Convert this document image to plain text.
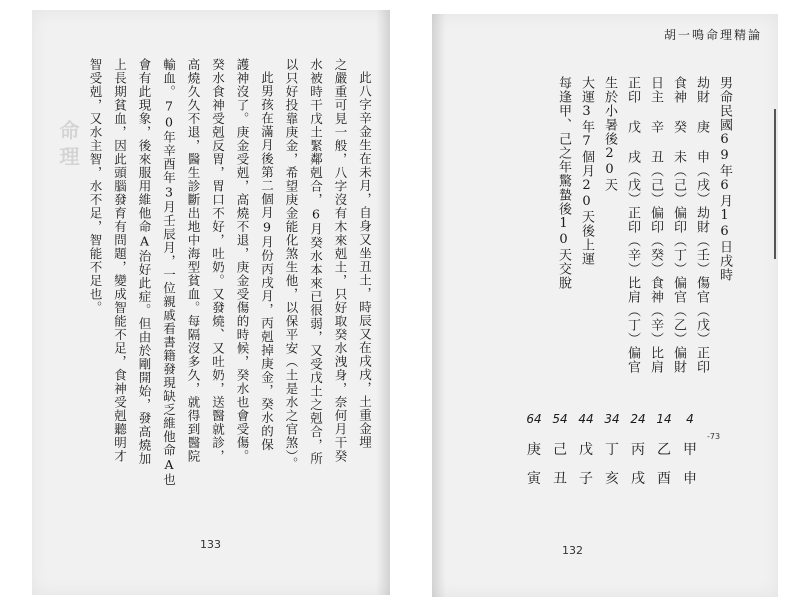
命理	此八字辛金生在未月，自身又坐丑土，時辰又在戌戌，土重金埋
之嚴重可見一般，八字沒有木來剋土，只好取癸水洩身，奈何月干癸
水被時干戊土緊鄰剋合，6月癸水本來已很弱，又受戊土之剋合，所
以只好投靠庚金，希望庚金能化煞生他，以保平安（土是水之官煞）。
此男孩在滿月後第二個月9月份丙戌月，丙剋掉庚金，癸水的保
護神沒了。庚金受剋，高燒不退，庚金受傷的時候，癸水也會受傷。
癸水食神受剋反胃，胃口不好，吐奶。又發燒、又吐奶，送醫就診，
高燒久久不退，醫生診斷出地中海型貧血。每隔沒多久，就得到醫院
輸血。70年辛酉年3月壬辰月，一位親戚看書籍發現缺乏維他命A也
會有此現象，後來服用維他命A治好此症。但由於剛開始，發高燒加
上長期貧血，因此頭腦發育有問題，變成智能不足，食神受剋聽明才
智受剋，又水主智，水不足，智能不足也。
133
胡一鳴命理精論
男命民國69年6月16日戌時
劫財 庚 申（戌）劫財（壬）傷官（戊）正印
食神 癸 未（己）偏印（丁）偏官（乙）偏財
日主 辛 丑（己）偏印（癸）食神（辛）比肩
正印 戊 戌（戊）正印（辛）比肩（丁）偏官
生於小暑後20天
大運3年7個月20天後上運
每逢甲、己之年驚蟄後10天交脫
4
甲
申
14
乙
酉
24
丙
戌
34
丁
亥
44
戊
子
54
己
丑
64
庚
寅
-73
132
